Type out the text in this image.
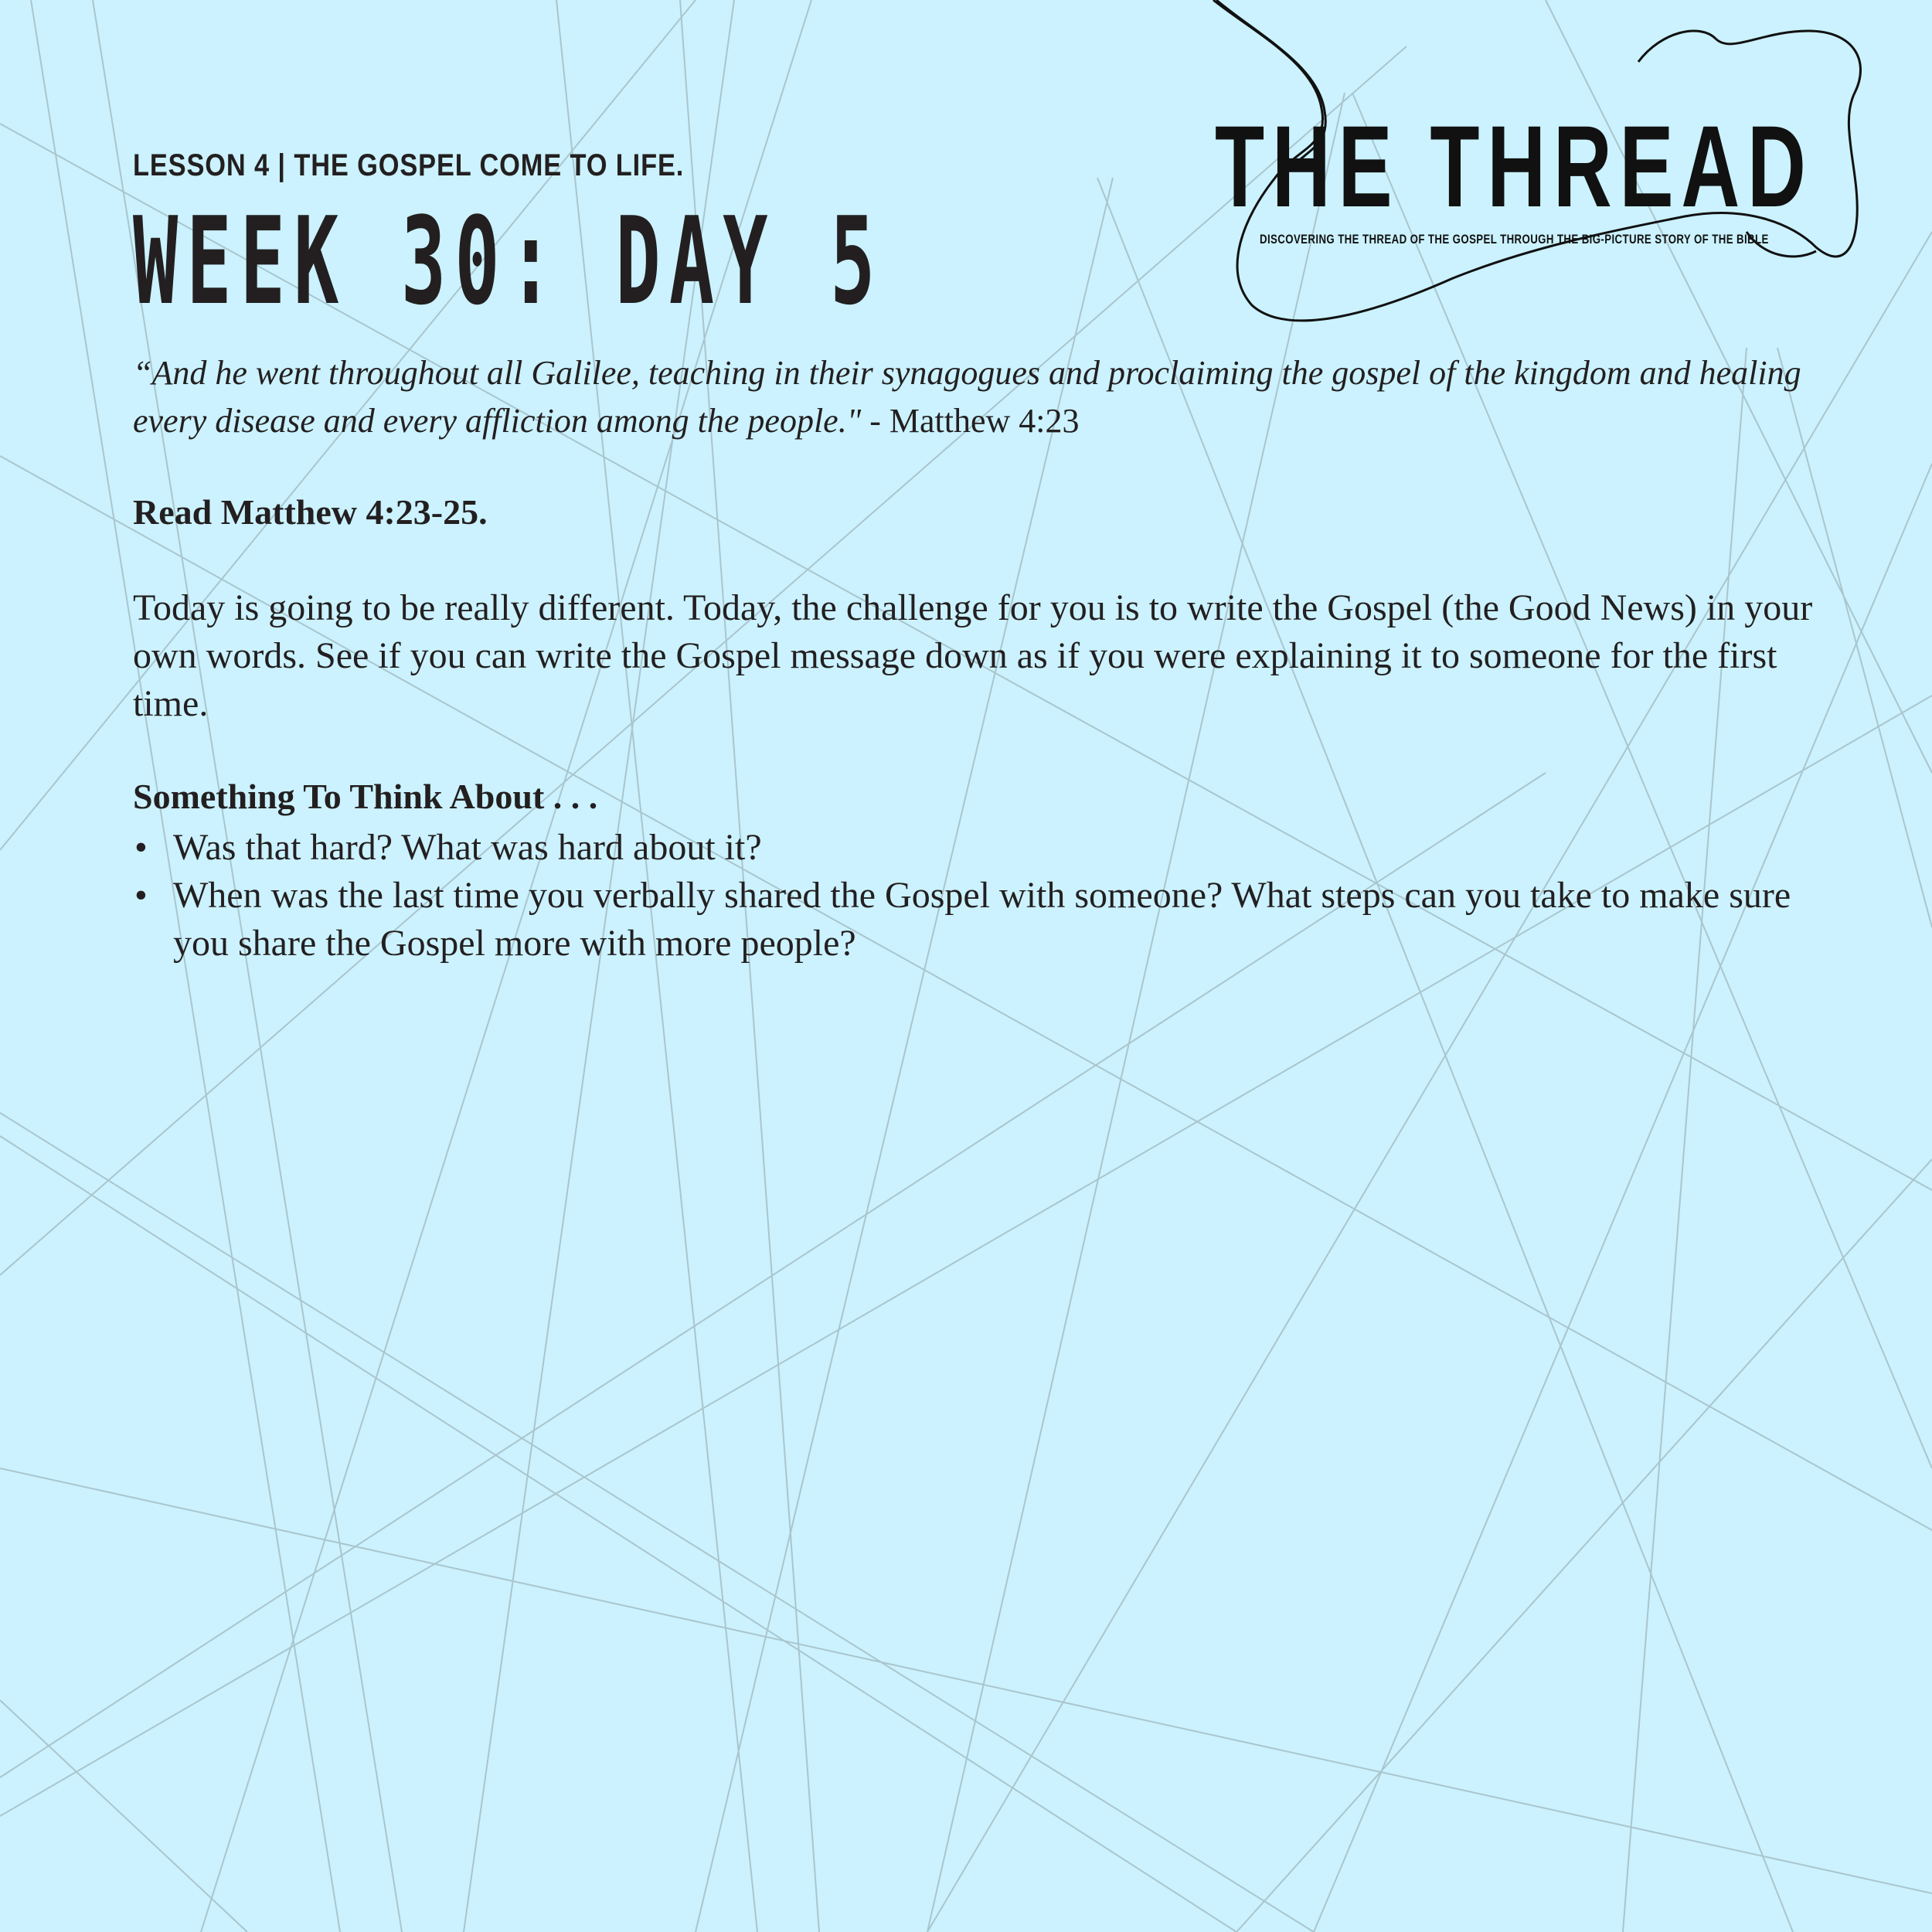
LESSON 4 | THE GOSPEL COME TO LIFE.
WEEK 30: DAY 5
THE THREAD
DISCOVERING THE THREAD OF THE GOSPEL THROUGH THE BIG-PICTURE STORY OF THE BIBLE
“And he went throughout all Galilee, teaching in their synagogues and proclaiming the gospel of the kingdom and healing every disease and every affliction among the people." - Matthew 4:23
Read Matthew 4:23-25.
Today is going to be really different. Today, the challenge for you is to write the Gospel (the Good News) in your own words. See if you can write the Gospel message down as if you were explaining it to someone for the first time.
Something To Think About . . .
• Was that hard? What was hard about it?
• When was the last time you verbally shared the Gospel with someone? What steps can you take to make sure you share the Gospel more with more people?
